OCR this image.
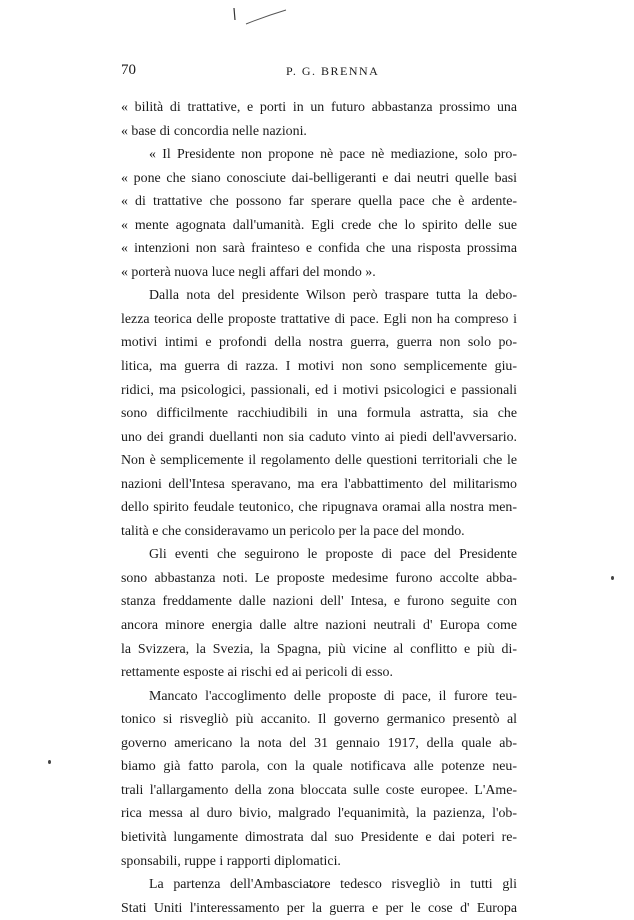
70	P. G. BRENNA
« bilità di trattative, e porti in un futuro abbastanza prossimo una
« base di concordia nelle nazioni.
« Il Presidente non propone nè pace nè mediazione, solo pro-
« pone che siano conosciute dai-belligeranti e dai neutri quelle basi
« di trattative che possono far sperare quella pace che è ardente-
« mente agognata dall'umanità. Egli crede che lo spirito delle sue
« intenzioni non sarà frainteso e confida che una risposta prossima
« porterà nuova luce negli affari del mondo ».
Dalla nota del presidente Wilson però traspare tutta la debo-
lezza teorica delle proposte trattative di pace. Egli non ha compreso i
motivi intimi e profondi della nostra guerra, guerra non solo po-
litica, ma guerra di razza. I motivi non sono semplicemente giu-
ridici, ma psicologici, passionali, ed i motivi psicologici e passionali
sono difficilmente racchiudibili in una formula astratta, sia che
uno dei grandi duellanti non sia caduto vinto ai piedi dell'avversario.
Non è semplicemente il regolamento delle questioni territoriali che le
nazioni dell'Intesa speravano, ma era l'abbattimento del militarismo
dello spirito feudale teutonico, che ripugnava oramai alla nostra men-
talità e che consideravamo un pericolo per la pace del mondo.
Gli eventi che seguirono le proposte di pace del Presidente
sono abbastanza noti. Le proposte medesime furono accolte abba-
stanza freddamente dalle nazioni dell' Intesa, e furono seguite con
ancora minore energia dalle altre nazioni neutrali d' Europa come
la Svizzera, la Svezia, la Spagna, più vicine al conflitto e più di-
rettamente esposte ai rischi ed ai pericoli di esso.
Mancato l'accoglimento delle proposte di pace, il furore teu-
tonico si risvegliò più accanito. Il governo germanico presentò al
governo americano la nota del 31 gennaio 1917, della quale ab-
biamo già fatto parola, con la quale notificava alle potenze neu-
trali l'allargamento della zona bloccata sulle coste europee. L'Ame-
rica messa al duro bivio, malgrado l'equanimità, la pazienza, l'ob-
bietività lungamente dimostrata dal suo Presidente e dai poteri re-
sponsabili, ruppe i rapporti diplomatici.
La partenza dell'Ambasciatore tedesco risvegliò in tutti gli
Stati Uniti l'interessamento per la guerra e per le cose d' Europa
